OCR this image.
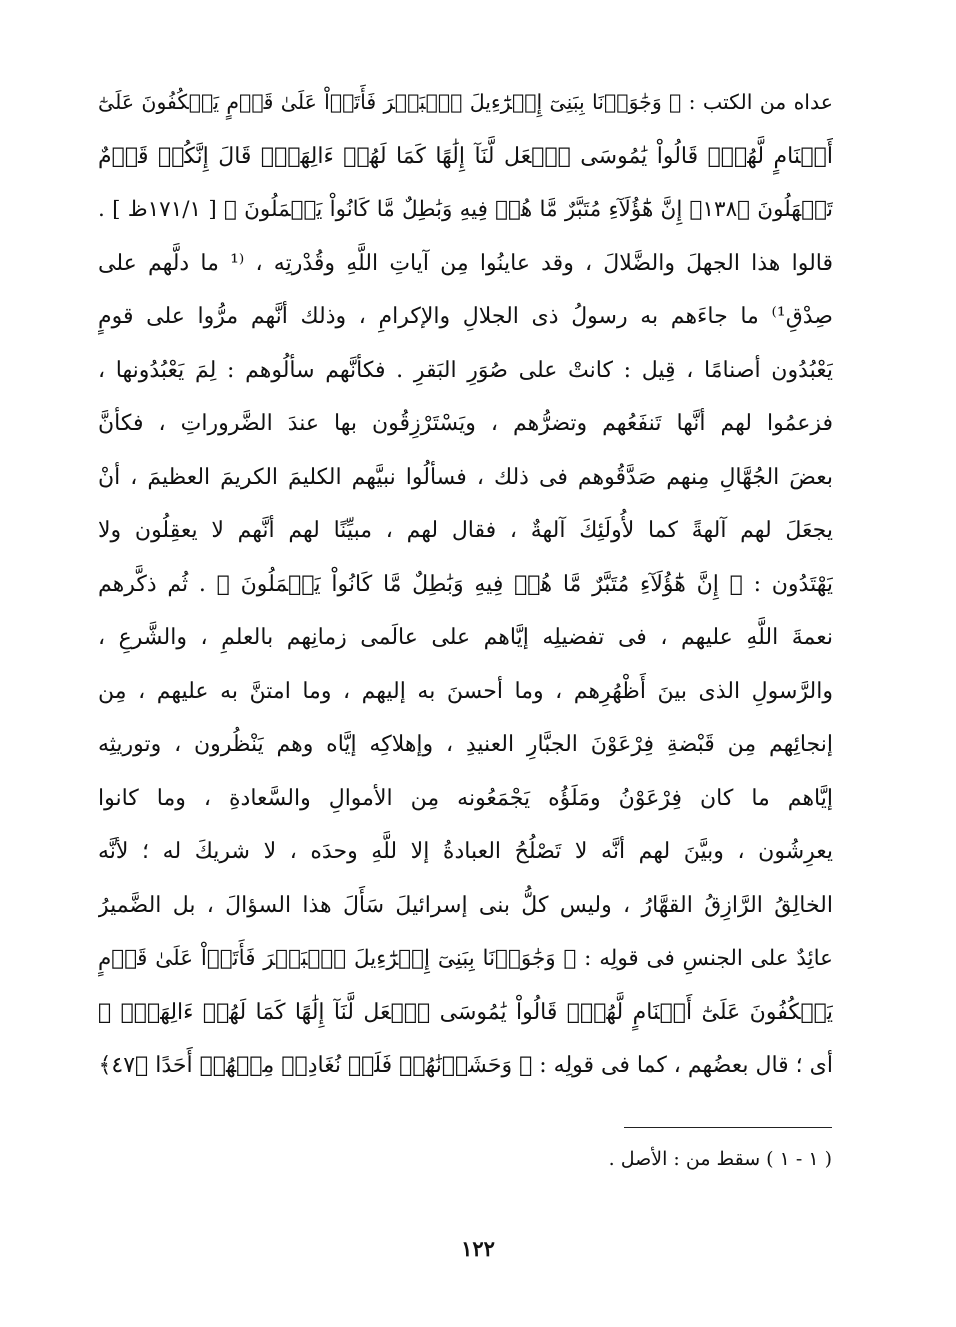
عداه من الكتب : ﴿ وَجَٰوَزۡنَا بِبَنِىٓ إِسۡرَٰٓءِيلَ ٱلۡبَحۡرَ فَأَتَوۡاْ عَلَىٰ قَوۡمٍ يَعۡكُفُونَ عَلَىٰٓ
أَصۡنَامٍ لَّهُمۡۚ قَالُواْ يَٰمُوسَى ٱجۡعَل لَّنَآ إِلَٰهًا كَمَا لَهُمۡ ءَالِهَةٌۚ قَالَ إِنَّكُمۡ قَوۡمٌ
تَجۡهَلُونَ ﴿١٣٨﴾ إِنَّ هَٰٓؤُلَآءِ مُتَبَّرٌ مَّا هُمۡ فِيهِ وَبَٰطِلٌ مَّا كَانُواْ يَعۡمَلُونَ ﴾ [ ١٧١/١ظ ] .
قالوا هذا الجهلَ والضَّلالَ ، وقد عاينُوا مِن آياتِ اللَّهِ وقُدْرتِه ، ⁽¹ ما دلَّهم على
صِدْقِ¹⁾ ما جاءَهم به رسولُ ذى الجلالِ والإكرامِ ، وذلك أنَّهم مرُّوا على قومٍ
يَعْبُدُون أصنامًا ، قِيل : كانتْ على صُوَرِ البَقرِ . فكأنَّهم سألُوهم : لِمَ يَعْبُدُونها ،
فزعمُوا لهم أنَّها تَنفَعُهم وتضرُّهم ، ويَسْتَرْزِقُون بها عندَ الضَّروراتِ ، فكأنَّ
بعضَ الجُهَّالِ مِنهم صَدَّقُوهم فى ذلك ، فسألُوا نبيَّهم الكليمَ الكريمَ العظيمَ ، أنْ
يجعَلَ لهم آلهةً كما لأُولَئِكَ آلهةٌ ، فقال لهم ، مبيِّنًا لهم أنَّهم لا يعقِلُون ولا
يَهْتَدُون : ﴿ إِنَّ هَٰٓؤُلَآءِ مُتَبَّرٌ مَّا هُمۡ فِيهِ وَبَٰطِلٌ مَّا كَانُواْ يَعۡمَلُونَ ﴾ . ثُم ذكَّرهم
نعمةَ اللَّهِ عليهم ، فى تفضيلِه إيَّاهم على عالَمى زمانِهم بالعلمِ ، والشَّرعِ ،
والرَّسولِ الذى بينَ أَظْهُرِهم ، وما أحسنَ به إليهم ، وما امتنَّ به عليهم ، مِن
إنجائِهم مِن قَبْضةِ فِرْعَوْنَ الجبَّارِ العنيدِ ، وإهلاكِه إيَّاه وهم يَنْظُرون ، وتوريثِه
إيَّاهم ما كان فِرْعَوْنُ ومَلَؤُه يَجْمَعُونه مِن الأموالِ والسَّعادةِ ، وما كانوا
يعرِشُون ، وبيَّنَ لهم أنَّه لا تَصْلُحُ العبادةُ إلا للَّهِ وحدَه ، لا شريكَ له ؛ لأنَّه
الخالِقُ الرَّازِقُ القهَّارُ ، وليس كلُّ بنى إسرائيلَ سَأَلَ هذا السؤالَ ، بل الضَّميرُ
عائِدٌ على الجنسِ فى قولِه : ﴿ وَجَٰوَزۡنَا بِبَنِىٓ إِسۡرَٰٓءِيلَ ٱلۡبَحۡرَ فَأَتَوۡاْ عَلَىٰ قَوۡمٍ
يَعۡكُفُونَ عَلَىٰٓ أَصۡنَامٍ لَّهُمۡۚ قَالُواْ يَٰمُوسَى ٱجۡعَل لَّنَآ إِلَٰهًا كَمَا لَهُمۡ ءَالِهَةٌۚ ﴾
أى ؛ قال بعضُهم ، كما فى قولِه : ﴿ وَحَشَرۡنَٰهُمۡ فَلَمۡ نُغَادِرۡ مِنۡهُمۡ أَحَدًا ﴿٤٧﴾
( ١ - ١ ) سقط من : الأصل .
١٢٢
